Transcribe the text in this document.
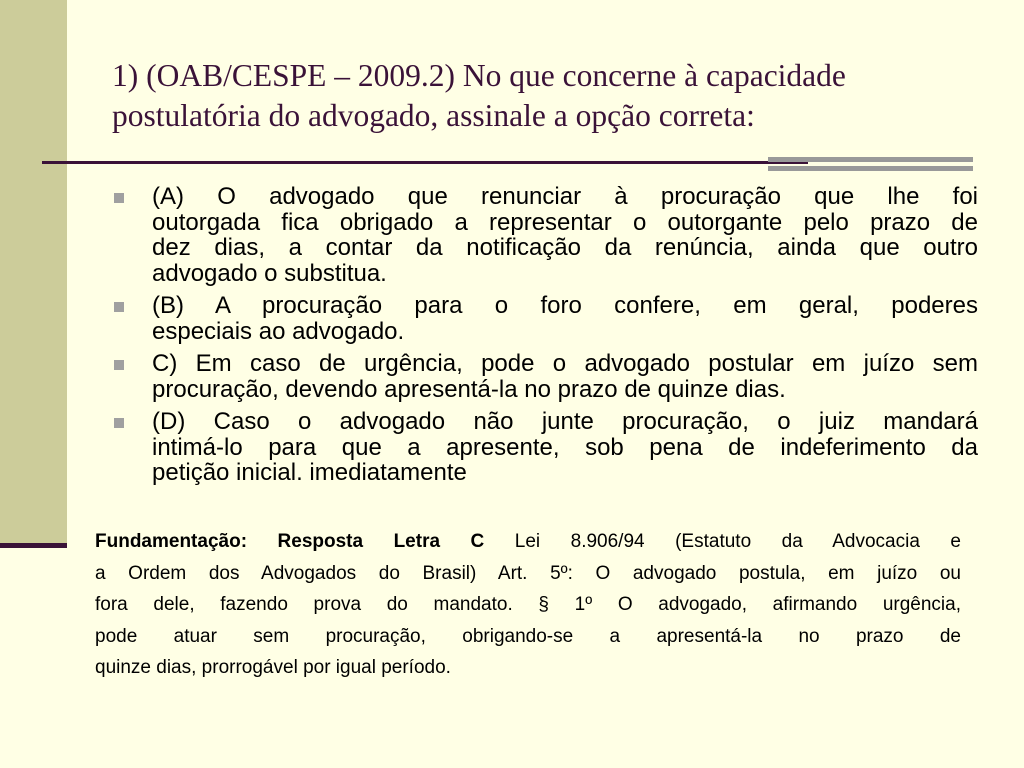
1) (OAB/CESPE – 2009.2) No que concerne à capacidade
postulatória do advogado, assinale a opção correta:
(A) O advogado que renunciar à procuração que lhe foi
outorgada fica obrigado a representar o outorgante pelo prazo de
dez dias, a contar da notificação da renúncia, ainda que outro
advogado o substitua.
(B) A procuração para o foro confere, em geral, poderes
especiais ao advogado.
C) Em caso de urgência, pode o advogado postular em juízo sem
procuração, devendo apresentá-la no prazo de quinze dias.
(D) Caso o advogado não junte procuração, o juiz mandará
intimá-lo para que a apresente, sob pena de indeferimento da
petição inicial. imediatamente
Fundamentação: Resposta Letra C Lei 8.906/94 (Estatuto da Advocacia e
a Ordem dos Advogados do Brasil) Art. 5º: O advogado postula, em juízo ou
fora dele, fazendo prova do mandato. § 1º O advogado, afirmando urgência,
pode atuar sem procuração, obrigando-se a apresentá-la no prazo de
quinze dias, prorrogável por igual período.
